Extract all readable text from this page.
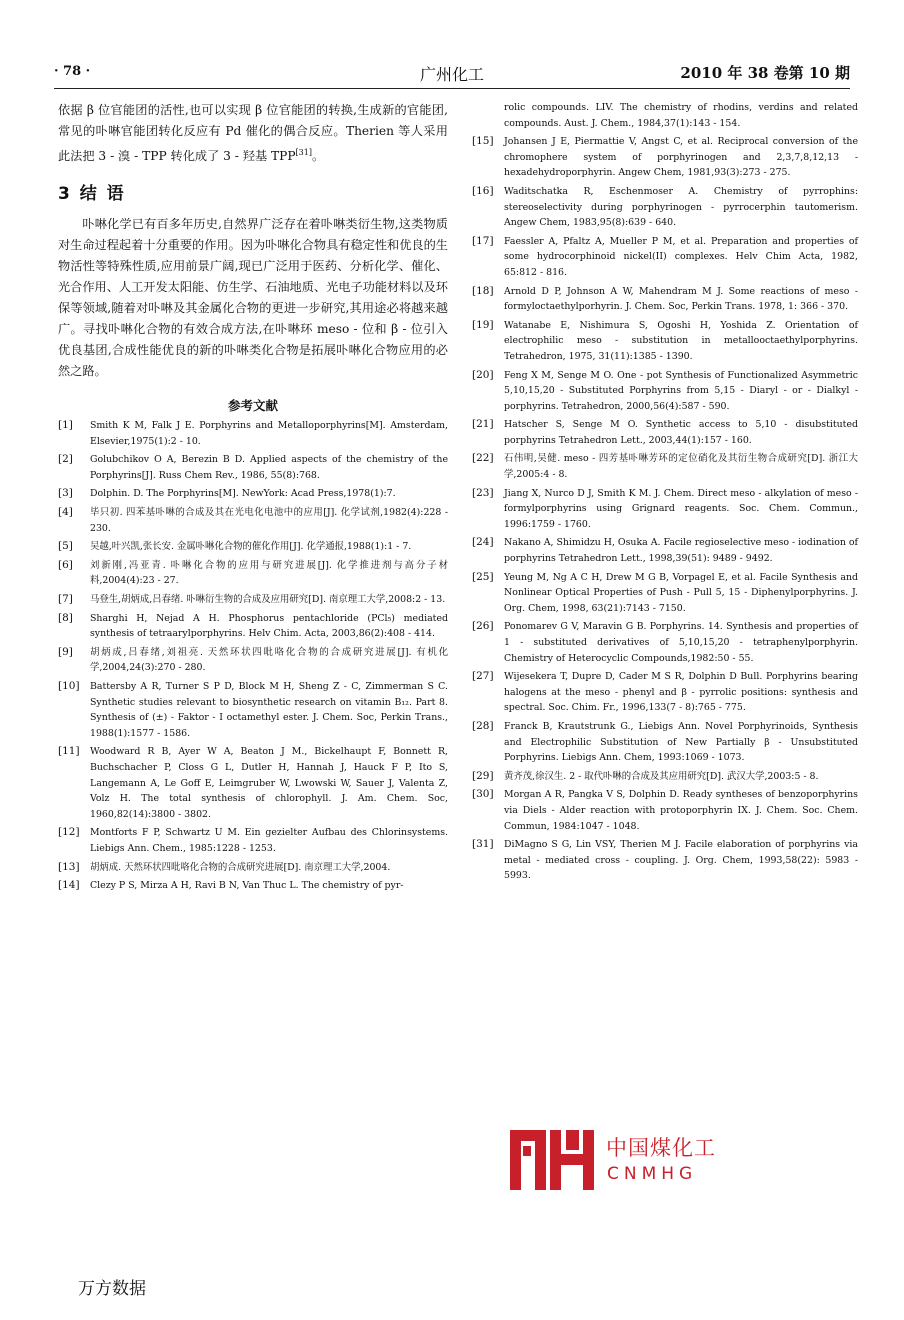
· 78 ·	广州化工	2010 年 38 卷第 10 期

依据 β 位官能团的活性,也可以实现 β 位官能团的转换,生成新的官能团,常见的卟啉官能团转化反应有 Pd 催化的偶合反应。Therien 等人采用此法把 3 - 溴 - TPP 转化成了 3 - 羟基 TPP[31]。

3 结 语

卟啉化学已有百多年历史,自然界广泛存在着卟啉类衍生物,这类物质对生命过程起着十分重要的作用。因为卟啉化合物具有稳定性和优良的生物活性等特殊性质,应用前景广阔,现已广泛用于医药、分析化学、催化、光合作用、人工开发太阳能、仿生学、石油地质、光电子功能材料以及环保等领域,随着对卟啉及其金属化合物的更进一步研究,其用途必将越来越广。寻找卟啉化合物的有效合成方法,在卟啉环 meso - 位和 β - 位引入优良基团,合成性能优良的新的卟啉类化合物是拓展卟啉化合物应用的必然之路。

参考文献
[1]	Smith K M, Falk J E. Porphyrins and Metalloporphyrins[M]. Amsterdam, Elsevier,1975(1):2 - 10.
[2]	Golubchikov O A, Berezin B D. Applied aspects of the chemistry of the Porphyrins[J]. Russ Chem Rev., 1986, 55(8):768.
[3]	Dolphin. D. The Porphyrins[M]. NewYork: Acad Press,1978(1):7.
[4]	毕只初. 四苯基卟啉的合成及其在光电化电池中的应用[J]. 化学试剂,1982(4):228 - 230.
[5]	吴越,叶兴凯,张长安. 金属卟啉化合物的催化作用[J]. 化学通报,1988(1):1 - 7.
[6]	刘新刚,冯亚青. 卟啉化合物的应用与研究进展[J]. 化学推进剂与高分子材料,2004(4):23 - 27.
[7]	马登生,胡炳成,吕春绪. 卟啉衍生物的合成及应用研究[D]. 南京理工大学,2008:2 - 13.
[8]	Sharghi H, Nejad A H. Phosphorus pentachloride (PCl₅) mediated synthesis of tetraarylporphyrins. Helv Chim. Acta, 2003,86(2):408 - 414.
[9]	胡炳成,吕春绪,刘祖亮. 天然环状四吡咯化合物的合成研究进展[J]. 有机化学,2004,24(3):270 - 280.
[10]	Battersby A R, Turner S P D, Block M H, Sheng Z - C, Zimmerman S C. Synthetic studies relevant to biosynthetic research on vitamin B₁₂. Part 8. Synthesis of (±) - Faktor - I octamethyl ester. J. Chem. Soc, Perkin Trans., 1988(1):1577 - 1586.
[11]	Woodward R B, Ayer W A, Beaton J M., Bickelhaupt F, Bonnett R, Buchschacher P, Closs G L, Dutler H, Hannah J, Hauck F P, Ito S, Langemann A, Le Goff E, Leimgruber W, Lwowski W, Sauer J, Valenta Z, Volz H. The total synthesis of chlorophyll. J. Am. Chem. Soc, 1960,82(14):3800 - 3802.
[12]	Montforts F P, Schwartz U M. Ein gezielter Aufbau des Chlorinsystems. Liebigs Ann. Chem., 1985:1228 - 1253.
[13]	胡炳成. 天然环状四吡咯化合物的合成研究进展[D]. 南京理工大学,2004.
[14]	Clezy P S, Mirza A H, Ravi B N, Van Thuc L. The chemistry of pyr-
rolic compounds. LIV. The chemistry of rhodins, verdins and related compounds. Aust. J. Chem., 1984,37(1):143 - 154.
[15]	Johansen J E, Piermattie V, Angst C, et al. Reciprocal conversion of the chromophere system of porphyrinogen and 2,3,7,8,12,13 - hexadehydroporphyrin. Angew Chem, 1981,93(3):273 - 275.
[16]	Waditschatka R, Eschenmoser A. Chemistry of pyrrophins: stereoselectivity during porphyrinogen - pyrrocerphin tautomerism. Angew Chem, 1983,95(8):639 - 640.
[17]	Faessler A, Pfaltz A, Mueller P M, et al. Preparation and properties of some hydrocorphinoid nickel(II) complexes. Helv Chim Acta, 1982, 65:812 - 816.
[18]	Arnold D P, Johnson A W, Mahendram M J. Some reactions of meso - formyloctaethylporhyrin. J. Chem. Soc, Perkin Trans. 1978, 1: 366 - 370.
[19]	Watanabe E, Nishimura S, Ogoshi H, Yoshida Z. Orientation of electrophilic meso - substitution in metallooctaethylporphyrins. Tetrahedron, 1975, 31(11):1385 - 1390.
[20]	Feng X M, Senge M O. One - pot Synthesis of Functionalized Asymmetric 5,10,15,20 - Substituted Porphyrins from 5,15 - Diaryl - or - Dialkyl - porphyrins. Tetrahedron, 2000,56(4):587 - 590.
[21]	Hatscher S, Senge M O. Synthetic access to 5,10 - disubstituted porphyrins Tetrahedron Lett., 2003,44(1):157 - 160.
[22]	石伟明,吴健. meso - 四芳基卟啉芳环的定位硝化及其衍生物合成研究[D]. 浙江大学,2005:4 - 8.
[23]	Jiang X, Nurco D J, Smith K M. J. Chem. Direct meso - alkylation of meso - formylporphyrins using Grignard reagents. Soc. Chem. Commun., 1996:1759 - 1760.
[24]	Nakano A, Shimidzu H, Osuka A. Facile regioselective meso - iodination of porphyrins Tetrahedron Lett., 1998,39(51): 9489 - 9492.
[25]	Yeung M, Ng A C H, Drew M G B, Vorpagel E, et al. Facile Synthesis and Nonlinear Optical Properties of Push - Pull 5, 15 - Diphenylporphyrins. J. Org. Chem, 1998, 63(21):7143 - 7150.
[26]	Ponomarev G V, Maravin G B. Porphyrins. 14. Synthesis and properties of 1 - substituted derivatives of 5,10,15,20 - tetraphenylporphyrin. Chemistry of Heterocyclic Compounds,1982:50 - 55.
[27]	Wijesekera T, Dupre D, Cader M S R, Dolphin D Bull. Porphyrins bearing halogens at the meso - phenyl and β - pyrrolic positions: synthesis and spectral. Soc. Chim. Fr., 1996,133(7 - 8):765 - 775.
[28]	Franck B, Krautstrunk G., Liebigs Ann. Novel Porphyrinoids, Synthesis and Electrophilic Substitution of New Partially β - Unsubstituted Porphyrins. Liebigs Ann. Chem, 1993:1069 - 1073.
[29]	黄齐茂,徐汉生. 2 - 取代卟啉的合成及其应用研究[D]. 武汉大学,2003:5 - 8.
[30]	Morgan A R, Pangka V S, Dolphin D. Ready syntheses of benzoporphyrins via Diels - Alder reaction with protoporphyrin IX. J. Chem. Soc. Chem. Commun, 1984:1047 - 1048.
[31]	DiMagno S G, Lin VSY, Therien M J. Facile elaboration of porphyrins via metal - mediated cross - coupling. J. Org. Chem, 1993,58(22): 5983 - 5993.
中国煤化工
CNMHG
万方数据
